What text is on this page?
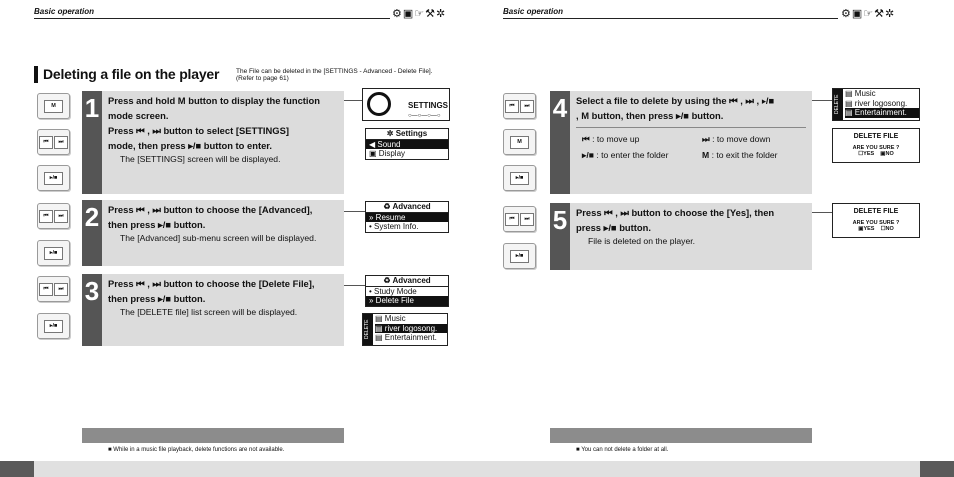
Basic operation	⚙︎▣☞⚒✲
Deleting a file on the player	The File can be deleted in the [SETTINGS - Advanced - Delete File].
(Refer to page 61)
M
⏮	⏭
▸/■
1 Press and hold M button to display the function
mode screen.
Press ⏮ , ⏭ button to select [SETTINGS]
mode, then press ▸/■ button to enter.
The [SETTINGS] screen will be displayed.
SETTINGS
○—○—○—○
✲ Settings
◀ Sound
▣ Display
⏮	⏭
▸/■
2 Press ⏮ , ⏭ button to choose the [Advanced],
then press ▸/■ button.
The [Advanced] sub-menu screen will be displayed.
♻ Advanced
» Resume
• System Info.
⏮	⏭
▸/■
3 Press ⏮ , ⏭ button to choose the [Delete File],
then press ▸/■ button.
The [DELETE file] list screen will be displayed.
♻ Advanced
• Study Mode
» Delete File
DELETE
▤ Music
▤ river logosong.
▤ Entertainment.
■ While in a music file playback, delete functions are not available.
Basic operation	⚙︎▣☞⚒✲
⏮	⏭
M
▸/■
4 Select a file to delete by using the ⏮ , ⏭ , ▸/■
, M button, then press ▸/■ button.
⏮ : to move up	⏭ : to move down
▸/■ : to enter the folder	M : to exit the folder
DELETE
▤ Music
▤ river logosong.
▤ Entertainment.
DELETE FILE
ARE YOU SURE ?
☐YES    ▣NO
⏮	⏭
▸/■
5 Press ⏮ , ⏭ button to choose the [Yes], then
press ▸/■ button.
File is deleted on the player.
DELETE FILE
ARE YOU SURE ?
▣YES    ☐NO
■ You can not delete a folder at all.
